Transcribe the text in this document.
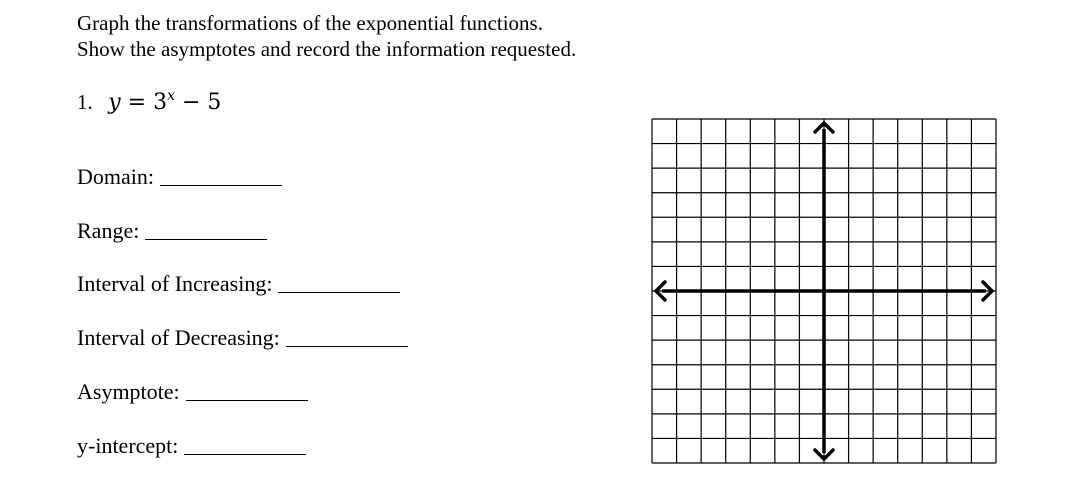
Graph the transformations of the exponential functions.
Show the asymptotes and record the information requested.
1. $y = 3^x - 5$
Domain:
Range:
Interval of Increasing:
Interval of Decreasing:
Asymptote:
y-intercept:
